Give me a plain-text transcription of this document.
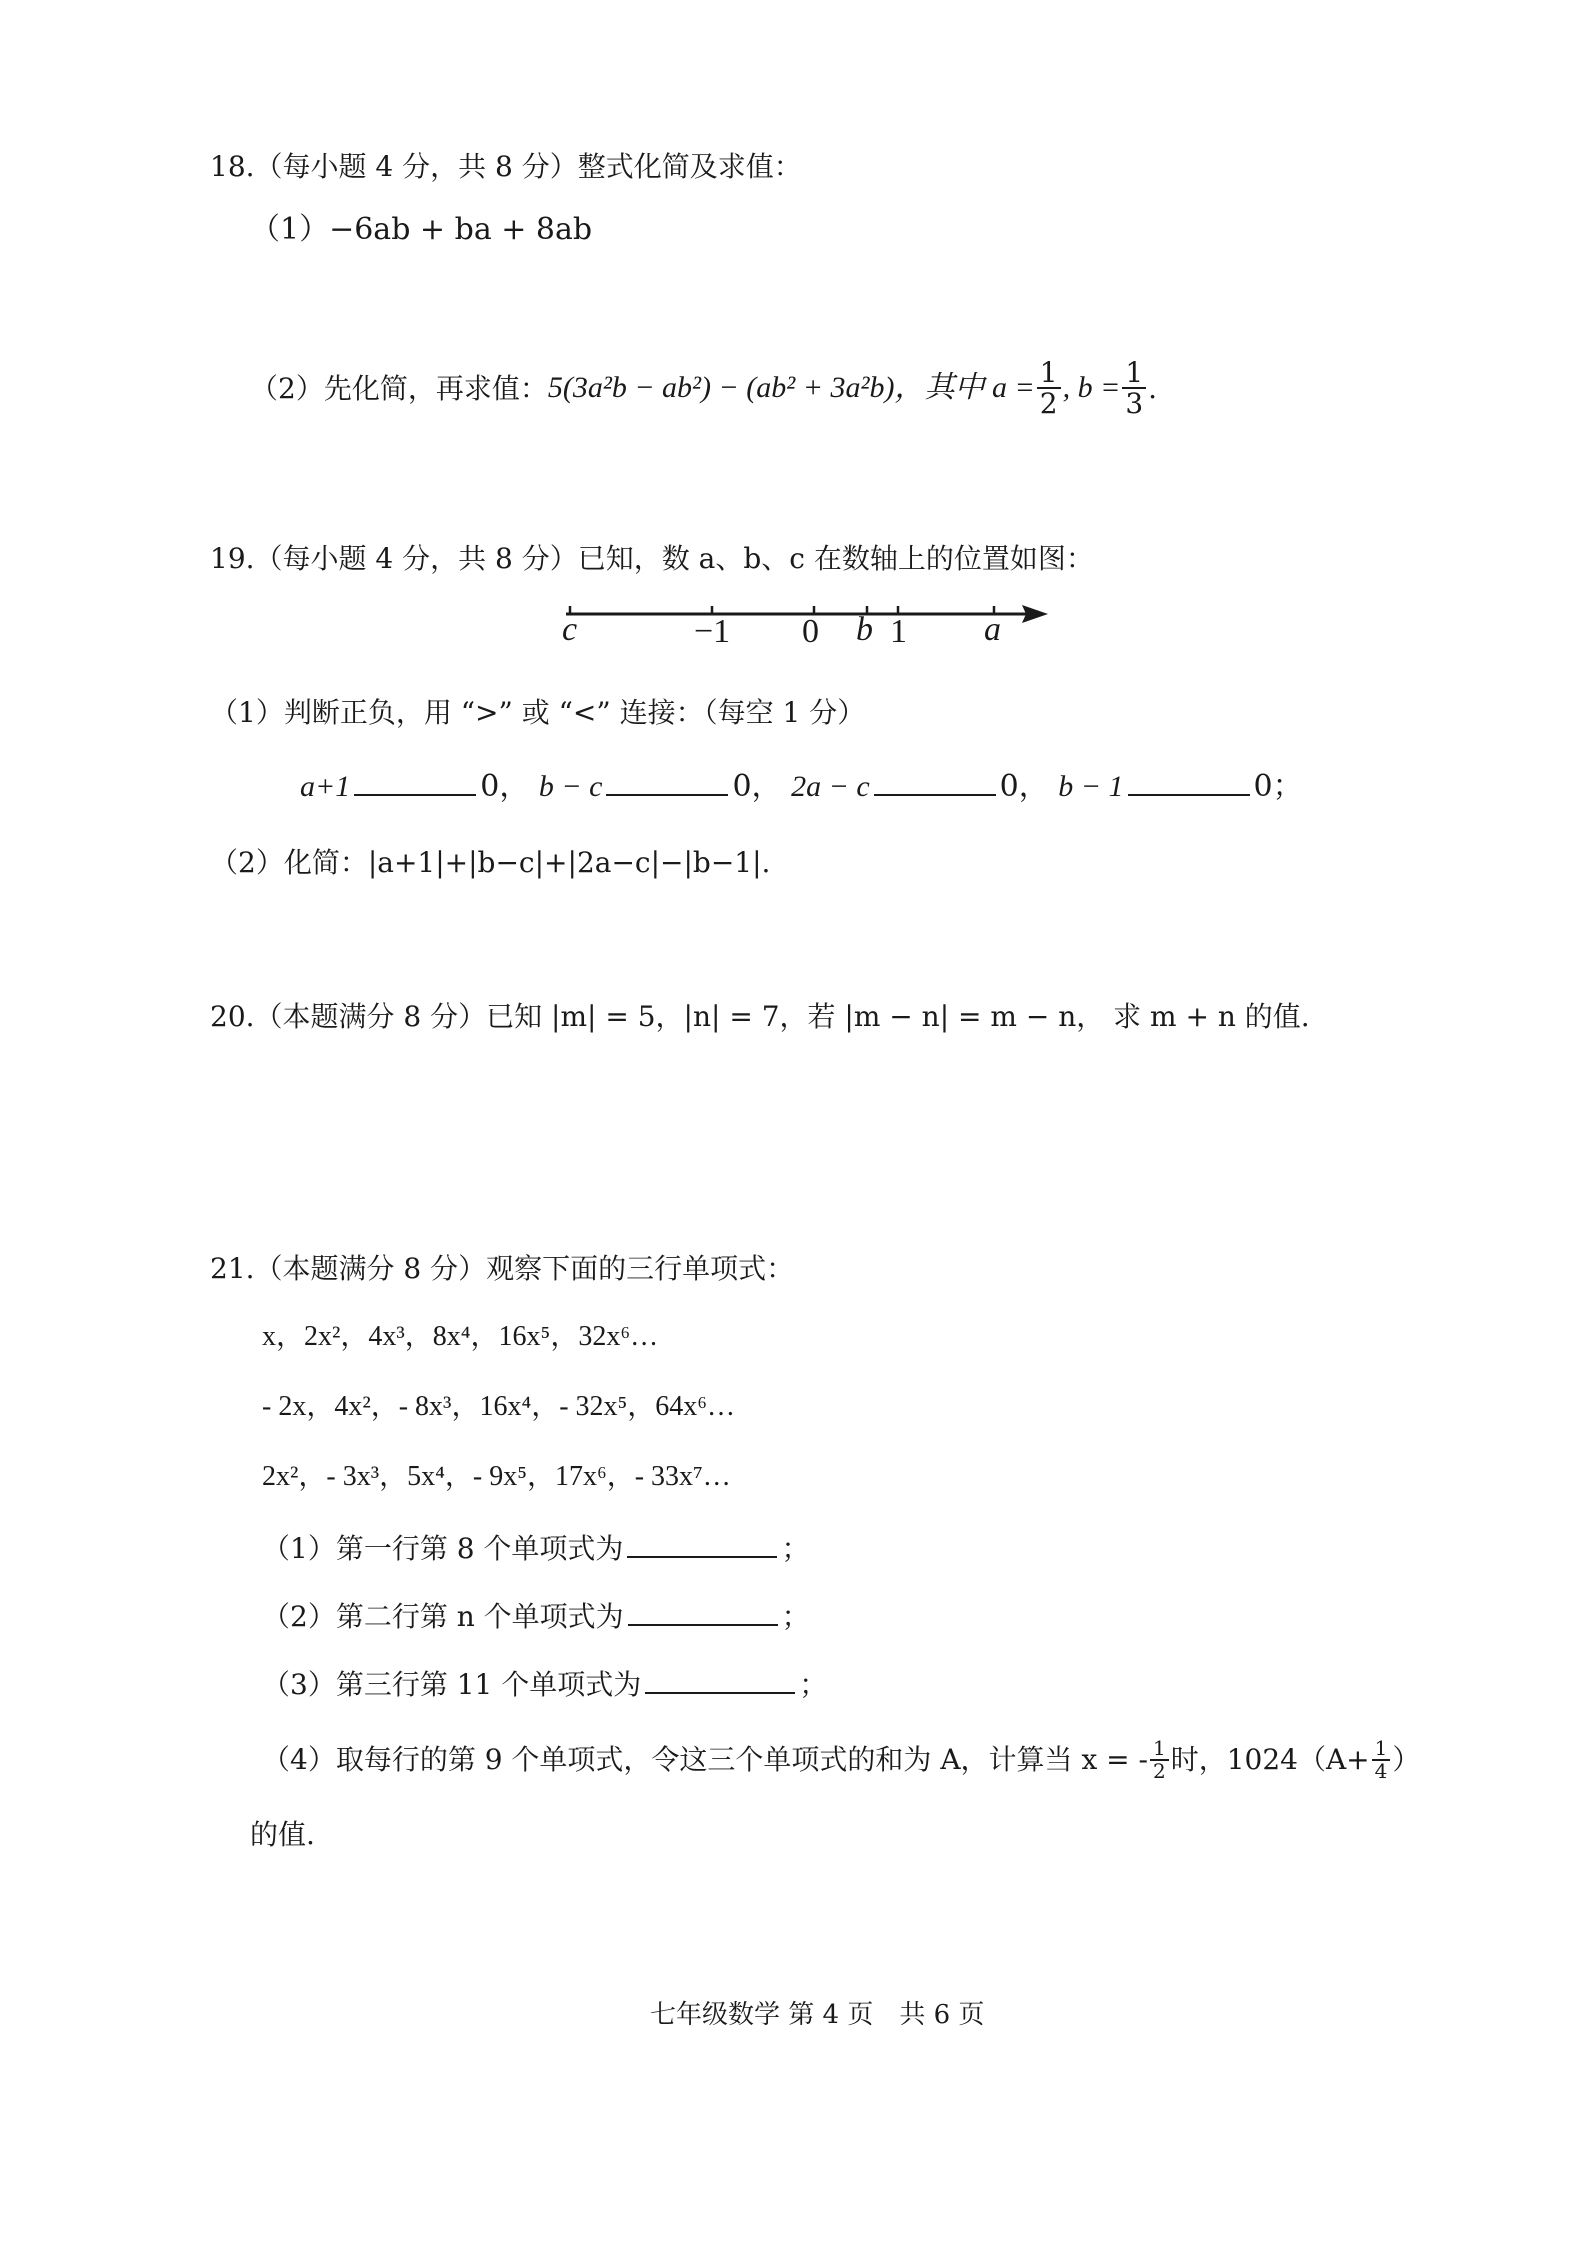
18.（每小题 4 分，共 8 分）整式化简及求值：
（1）−6ab + ba + 8ab
（2）先化简，再求值： 5(3a²b − ab²) − (ab² + 3a²b)，其中 $a = \frac{1}{2}$ , $b = \frac{1}{3}$ .
19.（每小题 4 分，共 8 分）已知，数 a、b、c 在数轴上的位置如图：
c	−1 0 b 1 a
（1）判断正负，用 “>” 或 “<” 连接：（每空 1 分）
a+1	0， b − c	0， 2a − c	0， b − 1	0；
（2）化简：|a+1|+|b−c|+|2a−c|−|b−1|.
20.（本题满分 8 分）已知 |m| = 5，|n| = 7，若 |m − n| = m − n， 求 m + n 的值.
21.（本题满分 8 分）观察下面的三行单项式：
x，2x²，4x³，8x⁴，16x⁵，32x⁶…
- 2x，4x²，- 8x³，16x⁴，- 32x⁵，64x⁶…
2x²，- 3x³，5x⁴，- 9x⁵，17x⁶，- 33x⁷…
（1）第一行第 8 个单项式为	；
（2）第二行第 n 个单项式为	；
（3）第三行第 11 个单项式为	；
（4）取每行的第 9 个单项式，令这三个单项式的和为 A，计算当 x = - $\frac{1}{2}$ 时，$1024(A+ \frac{1}{4}$ ）
的值.
七年级数学 第 4 页　共 6 页
